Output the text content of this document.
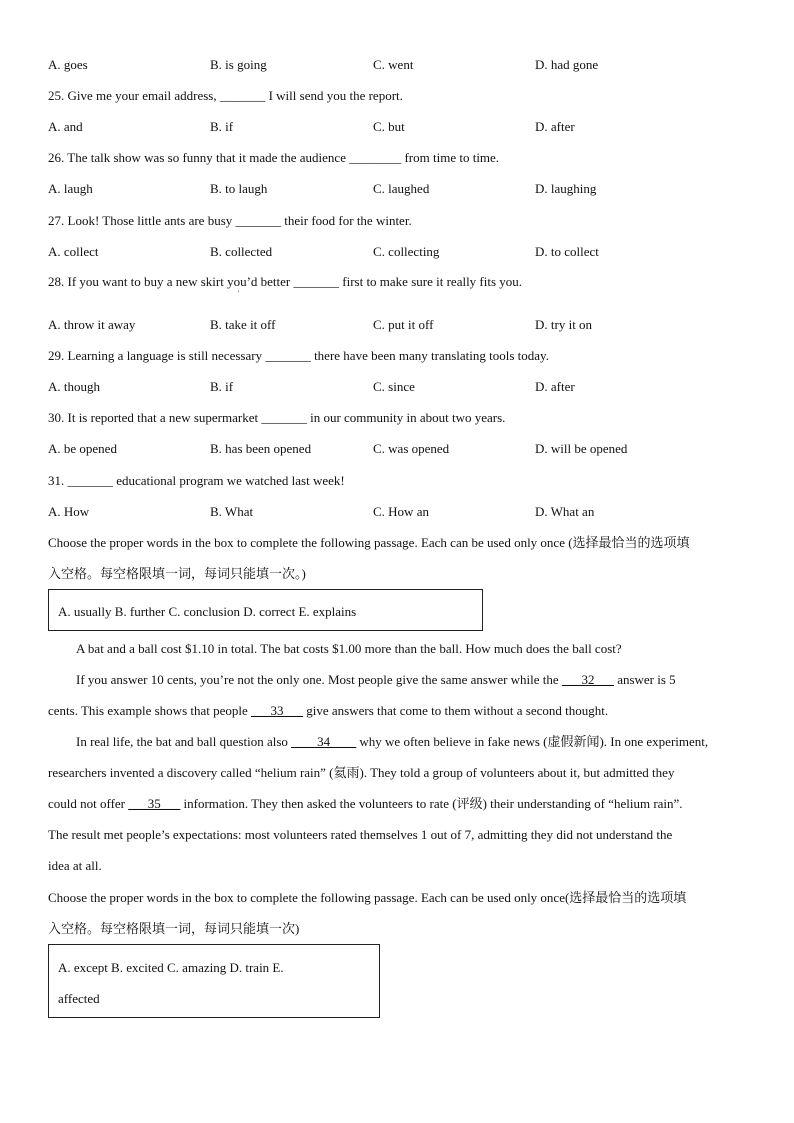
A. goes	B. is going	C. went	D. had gone
25. Give me your email address, _______ I will send you the report.
A. and	B. if	C. but	D. after
26. The talk show was so funny that it made the audience ________ from time to time.
A. laugh	B. to laugh	C. laughed	D. laughing
27. Look! Those little ants are busy _______ their food for the winter.
A. collect	B. collected	C. collecting	D. to collect
28. If you want to buy a new skirt you’d better _______ first to make sure it really fits you.
'
A. throw it away	B. take it off	C. put it off	D. try it on
29. Learning a language is still necessary _______ there have been many translating tools today.
A. though	B. if	C. since	D. after
30. It is reported that a new supermarket _______ in our community in about two years.
A. be opened	B. has been opened	C. was opened	D. will be opened
31. _______ educational program we watched last week!
A. How	B. What	C. How an	D. What an
Choose the proper words in the box to complete the following passage. Each can be used only once (选择最恰当的选项填
入空格。每空格限填一词，每词只能填一次。)
A. usually B. further C. conclusion D. correct E. explains
A bat and a ball cost $1.10 in total. The bat costs $1.00 more than the ball. How much does the ball cost?
If you answer 10 cents, you’re not the only one. Most people give the same answer while the ___32___ answer is 5
cents. This example shows that people ___33___ give answers that come to them without a second thought.
In real life, the bat and ball question also ____34____ why we often believe in fake news (虚假新闻). In one experiment,
researchers invented a discovery called “helium rain” (氦雨). They told a group of volunteers about it, but admitted they
could not offer ___35___ information. They then asked the volunteers to rate (评级) their understanding of “helium rain”.
The result met people’s expectations: most volunteers rated themselves 1 out of 7, admitting they did not understand the
idea at all.
Choose the proper words in the box to complete the following passage. Each can be used only once(选择最恰当的选项填
入空格。每空格限填一词，每词只能填一次)
A. except B. excited C. amazing D. train E.
affected
